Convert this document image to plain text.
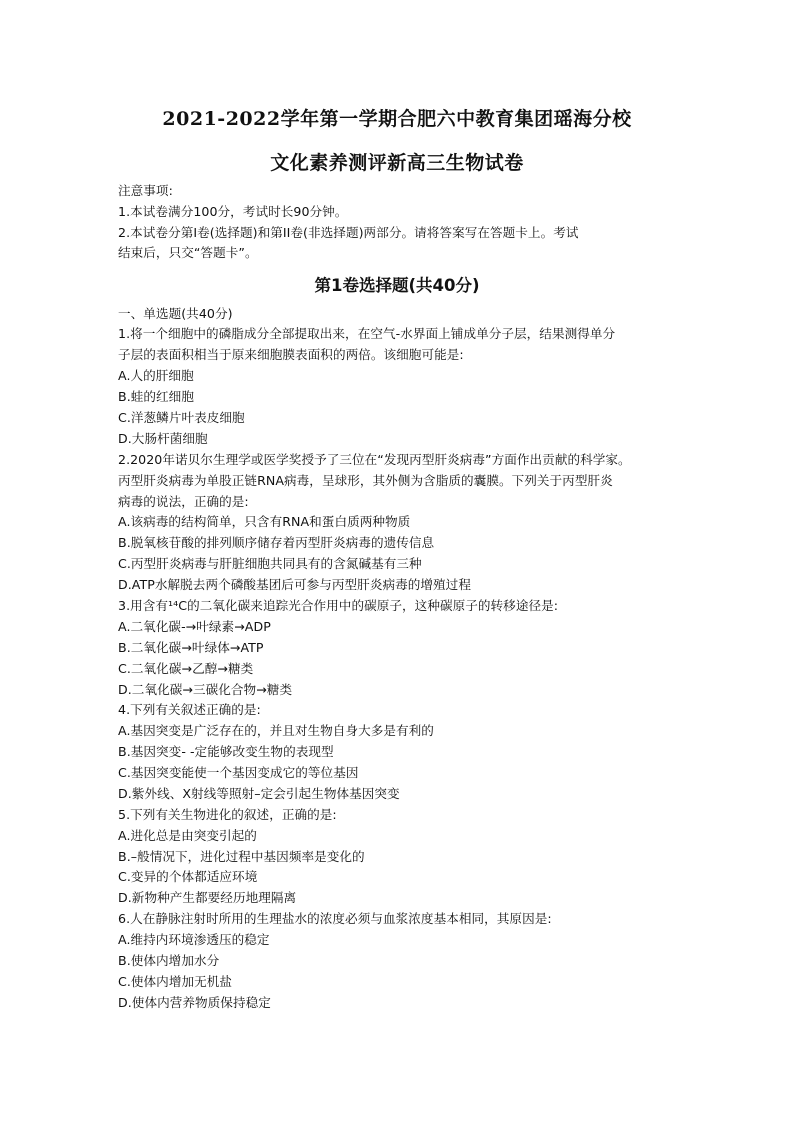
2021-2022学年第一学期合肥六中教育集团瑶海分校
文化素养测评新高三生物试卷
注意事项:
1.本试卷满分100分，考试时长90分钟。
2.本试卷分第I卷(选择题)和第II卷(非选择题)两部分。请将答案写在答题卡上。考试
结束后，只交“答题卡”。
第1卷选择题(共40分)
一、单选题(共40分)
1.将一个细胞中的磷脂成分全部提取出来，在空气-水界面上铺成单分子层，结果测得单分
子层的表面积相当于原来细胞膜表面积的两倍。该细胞可能是:
A.人的肝细胞
B.蛙的红细胞
C.洋葱鳞片叶表皮细胞
D.大肠杆菌细胞
2.2020年诺贝尔生理学或医学奖授予了三位在“发现丙型肝炎病毒”方面作出贡献的科学家。
丙型肝炎病毒为单股正链RNA病毒，呈球形，其外侧为含脂质的囊膜。下列关于丙型肝炎
病毒的说法，正确的是:
A.该病毒的结构简单，只含有RNA和蛋白质两种物质
B.脱氧核苷酸的排列顺序储存着丙型肝炎病毒的遗传信息
C.丙型肝炎病毒与肝脏细胞共同具有的含氮碱基有三种
D.ATP水解脱去两个磷酸基团后可参与丙型肝炎病毒的增殖过程
3.用含有¹⁴C的二氧化碳来追踪光合作用中的碳原子，这种碳原子的转移途径是:
A.二氧化碳-→叶绿素→ADP
B.二氧化碳→叶绿体→ATP
C.二氧化碳→乙醇→糖类
D.二氧化碳→三碳化合物→糖类
4.下列有关叙述正确的是:
A.基因突变是广泛存在的，并且对生物自身大多是有利的
B.基因突变- -定能够改变生物的表现型
C.基因突变能使一个基因变成它的等位基因
D.紫外线、X射线等照射–定会引起生物体基因突变
5.下列有关生物进化的叙述，正确的是:
A.进化总是由突变引起的
B.–般情况下，进化过程中基因频率是变化的
C.变异的个体都适应环境
D.新物种产生都要经历地理隔离
6.人在静脉注射时所用的生理盐水的浓度必须与血浆浓度基本相同，其原因是:
A.维持内环境渗透压的稳定
B.使体内增加水分
C.使体内增加无机盐
D.使体内营养物质保持稳定
